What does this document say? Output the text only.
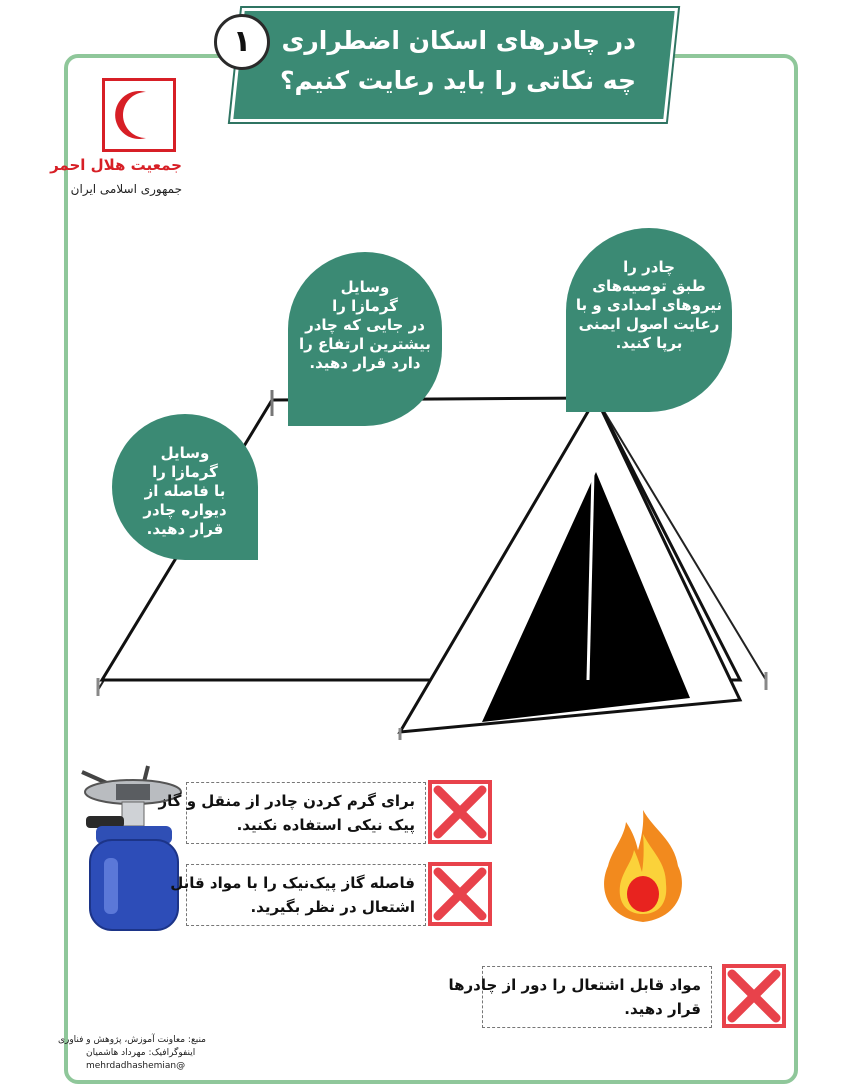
در چادرهای اسکان اضطراری
چه نکاتی را باید رعایت کنیم؟
۱
جمعیت هلال احمر
جمهوری اسلامی ایران
وسایل
گرمازا را
با فاصله از
دیواره چادر
قرار دهید.
وسایل
گرمازا را
در جایی که چادر
بیشترین ارتفاع را
دارد قرار دهید.
چادر را
طبق توصیه‌های
نیروهای امدادی و با
رعایت اصول ایمنی
برپا کنید.
برای گرم کردن چادر از منقل و گاز
پیک نیکی استفاده نکنید.
فاصله گاز پیک‌نیک را با مواد قابل
اشتعال در نظر بگیرید.
مواد قابل اشتعال را دور از چادرها
قرار دهید.
منبع: معاونت آموزش، پژوهش و فناوری
اینفوگرافیک: مهرداد هاشمیان
@mehrdadhashemian
